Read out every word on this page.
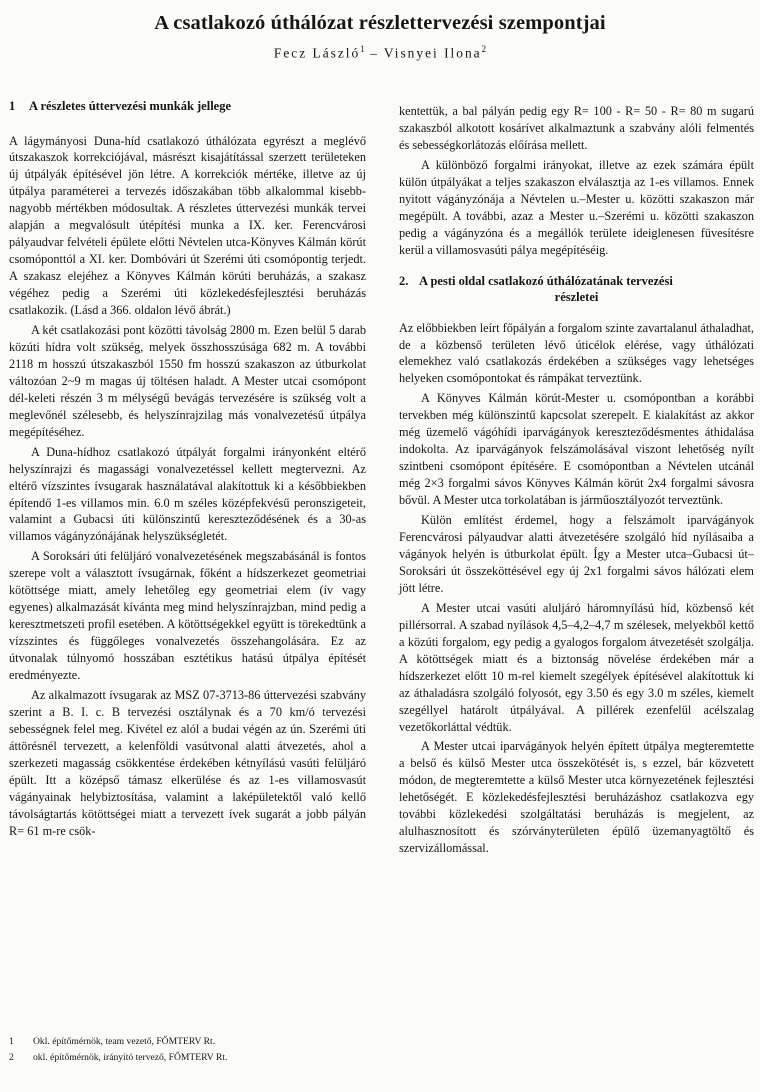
A csatlakozó úthálózat részlettervezési szempontjai
Fecz László$^1$ – Visnyei Ilona$^2$
1 A részletes úttervezési munkák jellege

A lágymányosi Duna-híd csatlakozó úthálózata egyrészt a meglévő útszakaszok korrekciójával, másrészt kisajátítással szerzett területeken új útpályák építésével jön létre. A korrekciók mértéke, illetve az új útpálya paraméterei a tervezés időszakában több alkalommal kisebb-nagyobb mértékben módosultak. A részletes úttervezési munkák tervei alapján a megvalósult útépítési munka a IX. ker. Ferencvárosi pályaudvar felvételi épülete előtti Névtelen utca-Könyves Kálmán körút csomóponttól a XI. ker. Dombóvári út Szerémi úti csomópontig terjedt. A szakasz elejéhez a Könyves Kálmán körúti beruházás, a szakasz végéhez pedig a Szerémi úti közlekedésfejlesztési beruházás csatlakozik. (Lásd a 366. oldalon lévő ábrát.)

A két csatlakozási pont közötti távolság 2800 m. Ezen belül 5 darab közúti hídra volt szükség, melyek összhosszúsága 682 m. A további 2118 m hosszú útszakaszból 1550 fm hosszú szakaszon az útburkolat változóan 2~9 m magas új töltésen haladt. A Mester utcai csomópont dél-keleti részén 3 m mélységű bevágás tervezésére is szükség volt a meglevőnél szélesebb, és helyszínrajzilag más vonalvezetésű útpálya megépítéséhez.

A Duna-hídhoz csatlakozó útpályát forgalmi irányonként eltérő helyszínrajzi és magassági vonalvezetéssel kellett megtervezni. Az eltérő vízszintes ívsugarak használatával alakítottuk ki a későbbiekben építendő 1-es villamos min. 6.0 m széles középfekvésű peronszigeteit, valamint a Gubacsi úti különszintű kereszteződésének és a 30-as villamos vágányzónájának helyszükségletét.

A Soroksári úti felüljáró vonalvezetésének megszabásánál is fontos szerepe volt a választott ívsugárnak, főként a hídszerkezet geometriai kötöttsége miatt, amely lehetőleg egy geometriai elem (ív vagy egyenes) alkalmazását kívánta meg mind helyszínrajzban, mind pedig a keresztmetszeti profil esetében. A kötöttségekkel együtt is törekedtünk a vízszintes és függőleges vonalvezetés összehangolására. Ez az útvonalak túlnyomó hosszában esztétikus hatású útpálya építését eredményezte.

Az alkalmazott ívsugarak az MSZ 07-3713-86 úttervezési szabvány szerint a B. I. c. B tervezési osztálynak és a 70 km/ó tervezési sebességnek felel meg. Kivétel ez alól a budai végén az ún. Szerémi úti áttörésnél tervezett, a kelenföldi vasútvonal alatti átvezetés, ahol a szerkezeti magasság csökkentése érdekében kétnyílású vasúti felüljáró épült. Itt a középső támasz elkerülése és az 1-es villamosvasút vágányainak helybiztosítása, valamint a laképületektől való kellő távolságtartás kötöttségei miatt a tervezett ívek sugarát a jobb pályán R= 61 m-re csök-

kentettük, a bal pályán pedig egy R= 100 - R= 50 - R= 80 m sugarú szakaszból alkotott kosárívet alkalmaztunk a szabvány alóli felmentés és sebességkorlátozás előírása mellett.

A különböző forgalmi irányokat, illetve az ezek számára épült külön útpályákat a teljes szakaszon elválasztja az 1-es villamos. Ennek nyitott vágányzónája a Névtelen u.–Mester u. közötti szakaszon már megépült. A további, azaz a Mester u.–Szerémi u. közötti szakaszon pedig a vágányzóna és a megállók területe ideiglenesen füvesítésre kerül a villamosvasúti pálya megépítéséig.

2. A pesti oldal csatlakozó úthálózatának tervezési
részletei

Az előbbiekben leírt főpályán a forgalom szinte zavartalanul áthaladhat, de a közbenső területen lévő úticélok elérése, vagy úthálózati elemekhez való csatlakozás érdekében a szükséges vagy lehetséges helyeken csomópontokat és rámpákat terveztünk.

A Könyves Kálmán körút-Mester u. csomópontban a korábbi tervekben még különszintű kapcsolat szerepelt. E kialakítást az akkor még üzemelő vágóhídi iparvágányok kereszteződésmentes áthidalása indokolta. Az iparvágányok felszámolásával viszont lehetőség nyílt szintbeni csomópont építésére. E csomópontban a Névtelen utcánál még 2×3 forgalmi sávos Könyves Kálmán körút 2x4 forgalmi sávosra bővül. A Mester utca torkolatában is járműosztályozót terveztünk.

Külön említést érdemel, hogy a felszámolt iparvágányok Ferencvárosi pályaudvar alatti átvezetésére szolgáló híd nyílásaiba a vágányok helyén is útburkolat épült. Így a Mester utca–Gubacsi út–Soroksári út összeköttésével egy új 2x1 forgalmi sávos hálózati elem jött létre.

A Mester utcai vasúti aluljáró háromnyílású híd, közbenső két pillérsorral. A szabad nyílások 4,5–4,2–4,7 m szélesek, melyekből kettő a közúti forgalom, egy pedig a gyalogos forgalom átvezetését szolgálja. A kötöttségek miatt és a biztonság növelése érdekében már a hídszerkezet előtt 10 m-rel kiemelt szegélyek építésével alakítottuk ki az áthaladásra szolgáló folyosót, egy 3.50 és egy 3.0 m széles, kiemelt szegéllyel határolt útpályával. A pillérek ezenfelül acélszalag vezetőkorláttal védtük.

A Mester utcai iparvágányok helyén épített útpálya megteremtette a belső és külső Mester utca összekötését is, s ezzel, bár közvetett módon, de megteremtette a külső Mester utca környezetének fejlesztési lehetőségét. E közlekedésfejlesztési beruházáshoz csatlakozva egy további közlekedési szolgáltatási beruházás is megjelent, az alulhasznosított és szórványterületen épülő üzemanyagtöltő és szervizállomással.

1 Okl. építőmérnök, team vezető, FŐMTERV Rt.
2 okl. építőmérnök, irányító tervező, FŐMTERV Rt.
